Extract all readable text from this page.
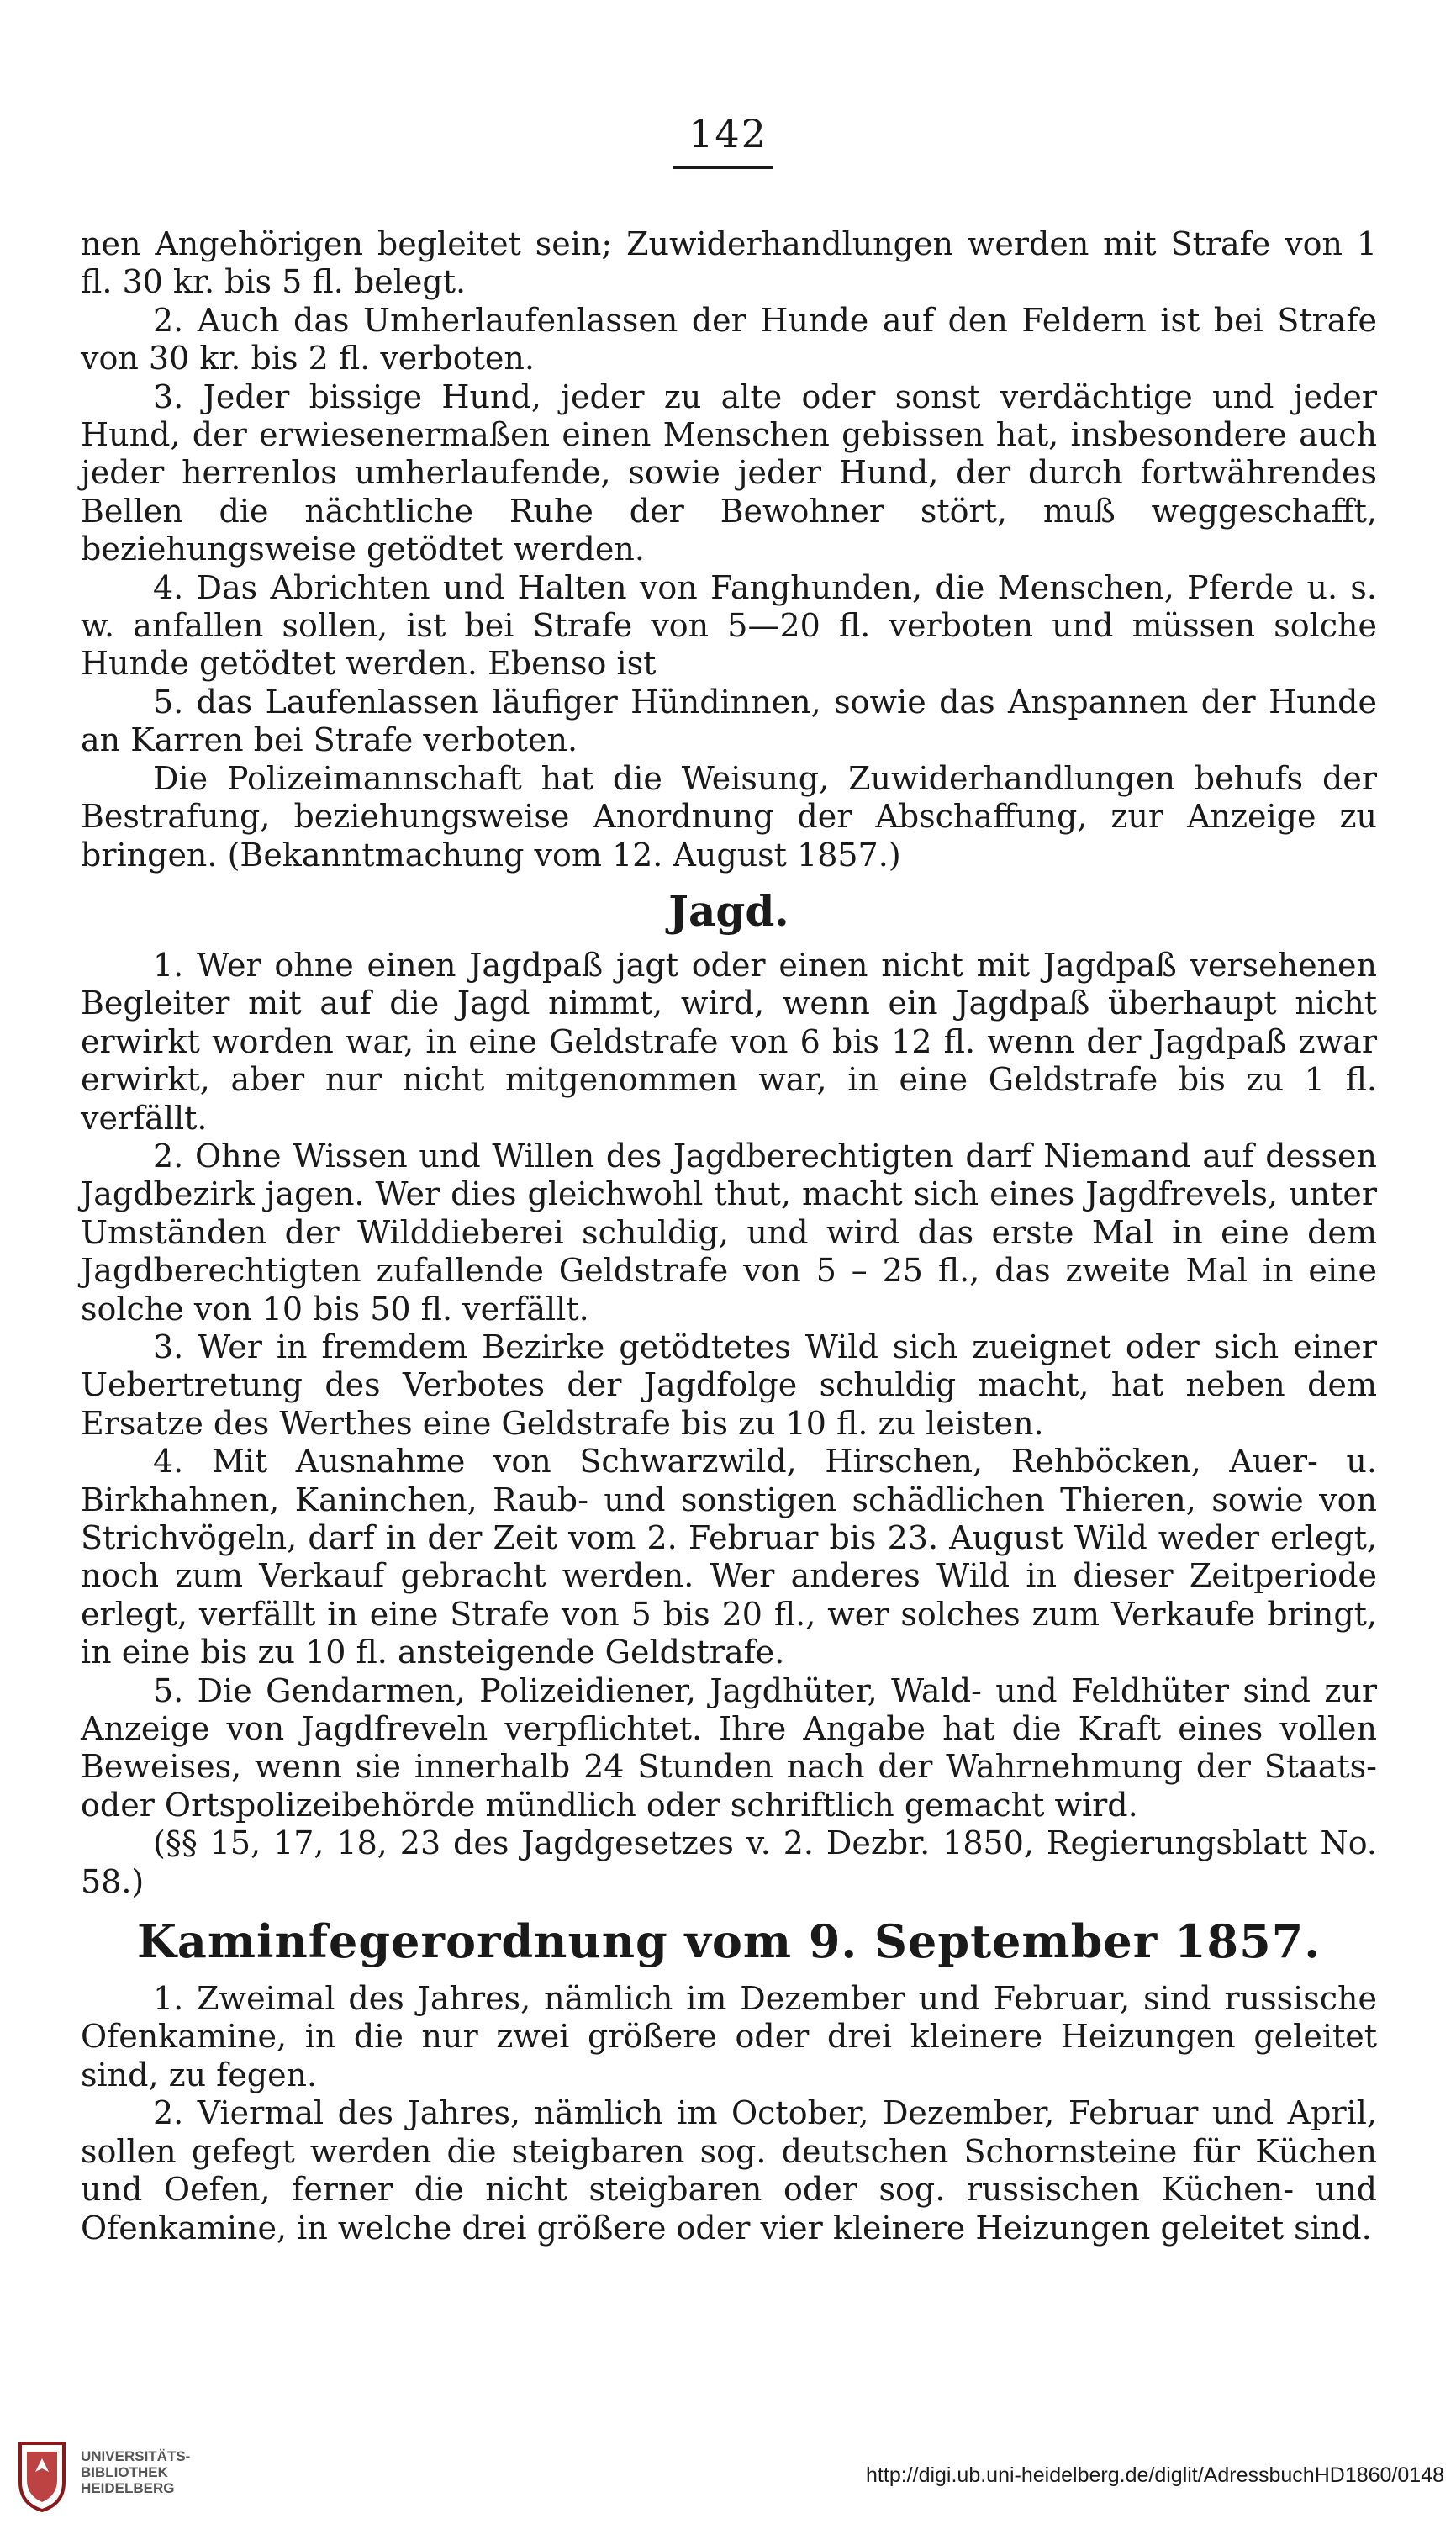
142

nen Angehörigen begleitet sein; Zuwiderhandlungen werden mit Strafe von 1 fl. 30 kr. bis 5 fl. belegt.

2. Auch das Umherlaufenlassen der Hunde auf den Feldern ist bei Strafe von 30 kr. bis 2 fl. verboten.

3. Jeder bissige Hund, jeder zu alte oder sonst verdächtige und jeder Hund, der erwiesenermaßen einen Menschen gebissen hat, insbesondere auch jeder herrenlos umherlaufende, sowie jeder Hund, der durch fortwährendes Bellen die nächtliche Ruhe der Bewohner stört, muß weggeschafft, beziehungsweise getödtet werden.

4. Das Abrichten und Halten von Fanghunden, die Menschen, Pferde u. s. w. anfallen sollen, ist bei Strafe von 5—20 fl. verboten und müssen solche Hunde getödtet werden. Ebenso ist

5. das Laufenlassen läufiger Hündinnen, sowie das Anspannen der Hunde an Karren bei Strafe verboten.

Die Polizeimannschaft hat die Weisung, Zuwiderhandlungen behufs der Bestrafung, beziehungsweise Anordnung der Abschaffung, zur Anzeige zu bringen. (Bekanntmachung vom 12. August 1857.)

Jagd.

1. Wer ohne einen Jagdpaß jagt oder einen nicht mit Jagdpaß versehenen Begleiter mit auf die Jagd nimmt, wird, wenn ein Jagdpaß überhaupt nicht erwirkt worden war, in eine Geldstrafe von 6 bis 12 fl. wenn der Jagdpaß zwar erwirkt, aber nur nicht mitgenommen war, in eine Geldstrafe bis zu 1 fl. verfällt.

2. Ohne Wissen und Willen des Jagdberechtigten darf Niemand auf dessen Jagdbezirk jagen. Wer dies gleichwohl thut, macht sich eines Jagdfrevels, unter Umständen der Wilddieberei schuldig, und wird das erste Mal in eine dem Jagdberechtigten zufallende Geldstrafe von 5 – 25 fl., das zweite Mal in eine solche von 10 bis 50 fl. verfällt.

3. Wer in fremdem Bezirke getödtetes Wild sich zueignet oder sich einer Uebertretung des Verbotes der Jagdfolge schuldig macht, hat neben dem Ersatze des Werthes eine Geldstrafe bis zu 10 fl. zu leisten.

4. Mit Ausnahme von Schwarzwild, Hirschen, Rehböcken, Auer- u. Birkhahnen, Kaninchen, Raub- und sonstigen schädlichen Thieren, sowie von Strichvögeln, darf in der Zeit vom 2. Februar bis 23. August Wild weder erlegt, noch zum Verkauf gebracht werden. Wer anderes Wild in dieser Zeitperiode erlegt, verfällt in eine Strafe von 5 bis 20 fl., wer solches zum Verkaufe bringt, in eine bis zu 10 fl. ansteigende Geldstrafe.

5. Die Gendarmen, Polizeidiener, Jagdhüter, Wald- und Feldhüter sind zur Anzeige von Jagdfreveln verpflichtet. Ihre Angabe hat die Kraft eines vollen Beweises, wenn sie innerhalb 24 Stunden nach der Wahrnehmung der Staats- oder Ortspolizeibehörde mündlich oder schriftlich gemacht wird.

(§§ 15, 17, 18, 23 des Jagdgesetzes v. 2. Dezbr. 1850, Regierungsblatt No. 58.)

Kaminfegerordnung vom 9. September 1857.

1. Zweimal des Jahres, nämlich im Dezember und Februar, sind russische Ofenkamine, in die nur zwei größere oder drei kleinere Heizungen geleitet sind, zu fegen.

2. Viermal des Jahres, nämlich im October, Dezember, Februar und April, sollen gefegt werden die steigbaren sog. deutschen Schornsteine für Küchen und Oefen, ferner die nicht steigbaren oder sog. russischen Küchen- und Ofenkamine, in welche drei größere oder vier kleinere Heizungen geleitet sind.

UNIVERSITÄTS-
BIBLIOTHEK
HEIDELBERG
http://digi.ub.uni-heidelberg.de/diglit/AdressbuchHD1860/0148
